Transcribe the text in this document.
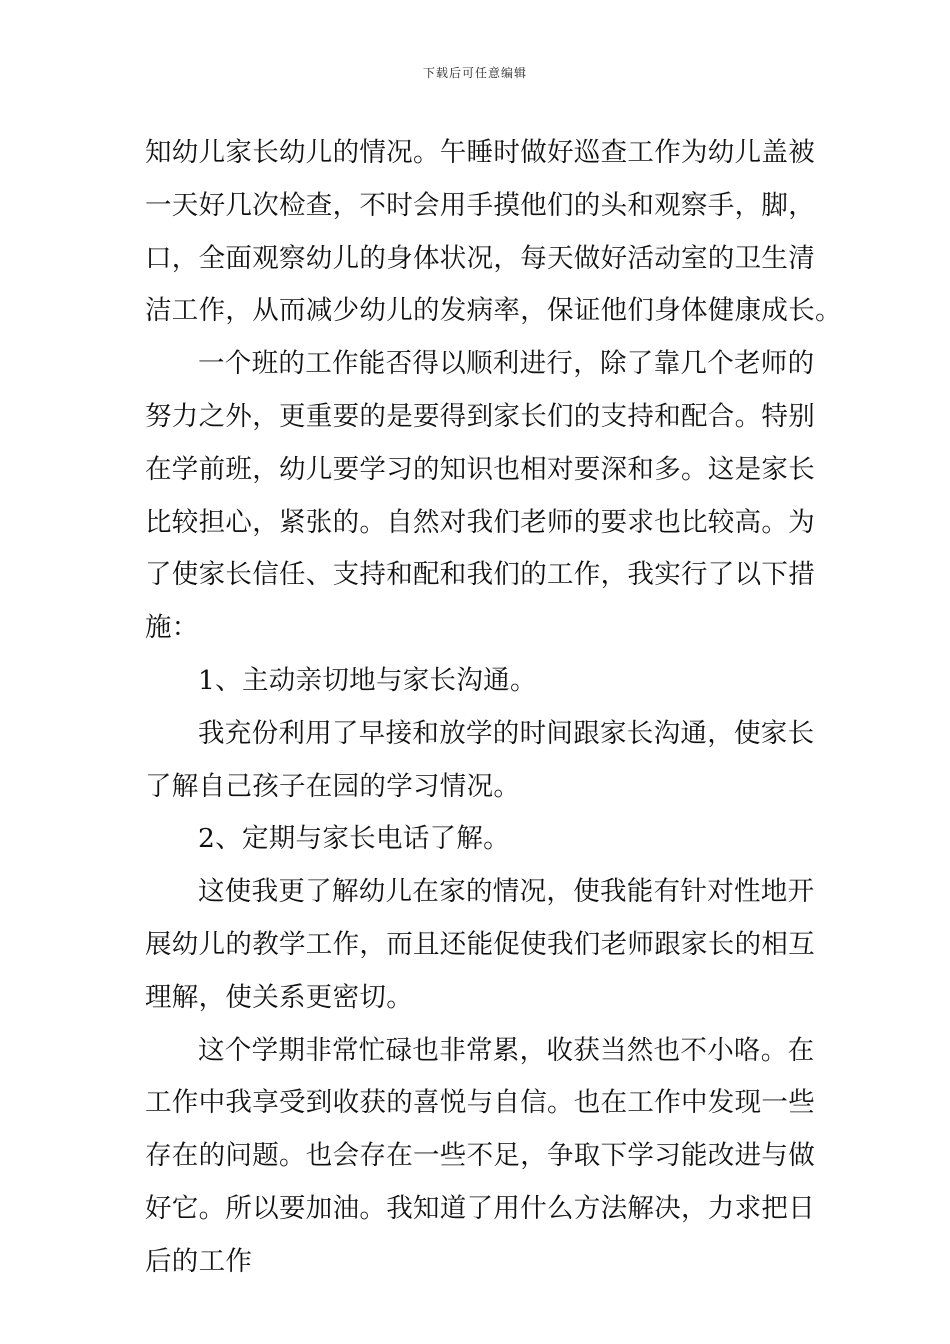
下载后可任意编辑
知幼儿家长幼儿的情况。午睡时做好巡查工作为幼儿盖被
一天好几次检查，不时会用手摸他们的头和观察手，脚，
口，全面观察幼儿的身体状况，每天做好活动室的卫生清
洁工作，从而减少幼儿的发病率，保证他们身体健康成长。
一个班的工作能否得以顺利进行，除了靠几个老师的
努力之外，更重要的是要得到家长们的支持和配合。特别
在学前班，幼儿要学习的知识也相对要深和多。这是家长
比较担心，紧张的。自然对我们老师的要求也比较高。为
了使家长信任、支持和配和我们的工作，我实行了以下措
施：
1、主动亲切地与家长沟通。
我充份利用了早接和放学的时间跟家长沟通，使家长
了解自己孩子在园的学习情况。
2、定期与家长电话了解。
这使我更了解幼儿在家的情况，使我能有针对性地开
展幼儿的教学工作，而且还能促使我们老师跟家长的相互
理解，使关系更密切。
这个学期非常忙碌也非常累，收获当然也不小咯。在
工作中我享受到收获的喜悦与自信。也在工作中发现一些
存在的问题。也会存在一些不足，争取下学习能改进与做
好它。所以要加油。我知道了用什么方法解决，力求把日
后的工作
